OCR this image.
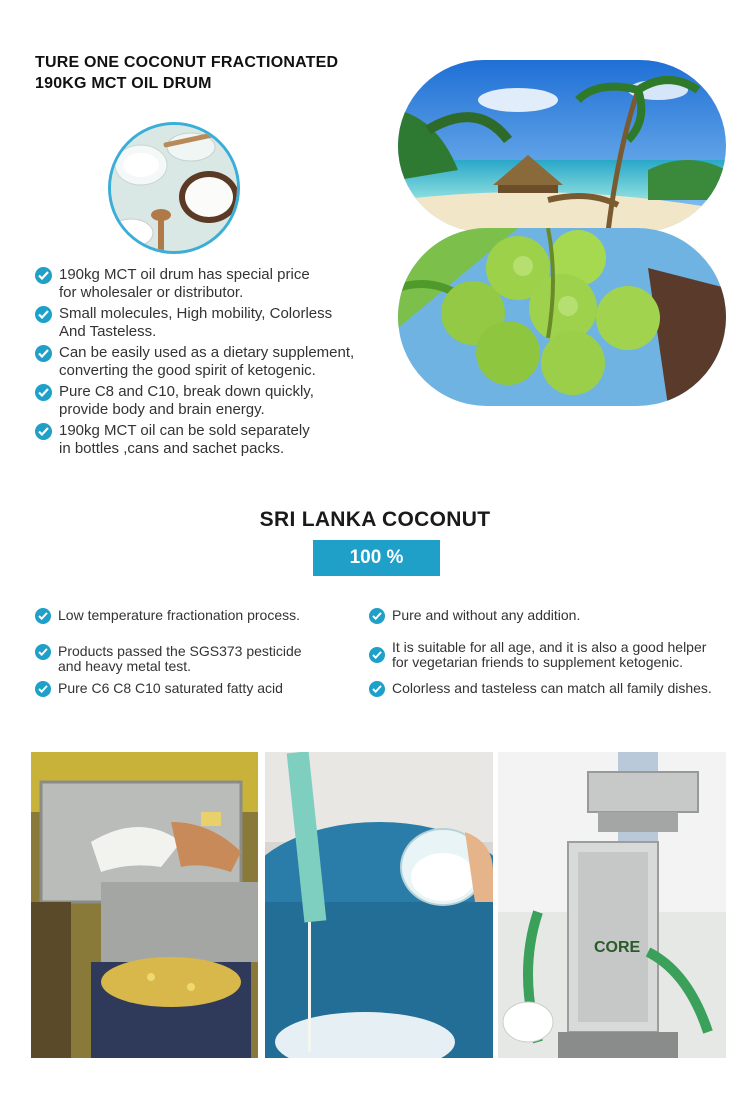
TURE ONE COCONUT FRACTIONATED
190KG MCT OIL DRUM
190kg MCT oil drum has special price
for wholesaler or distributor.
Small molecules, High mobility, Colorless
And Tasteless.
Can be easily used as a dietary supplement,
converting the good spirit of ketogenic.
Pure C8 and C10, break down quickly,
provide body and brain energy.
190kg MCT oil can be sold separately
in bottles ,cans and sachet packs.
SRI LANKA COCONUT
100 %
Low temperature fractionation process.
Products passed the SGS373 pesticide
and heavy metal test.
Pure C6 C8 C10 saturated fatty acid
Pure and without any addition.
It is suitable for all age, and it is also a good helper
for vegetarian friends to supplement ketogenic.
Colorless and tasteless can match all family dishes.
CORE
